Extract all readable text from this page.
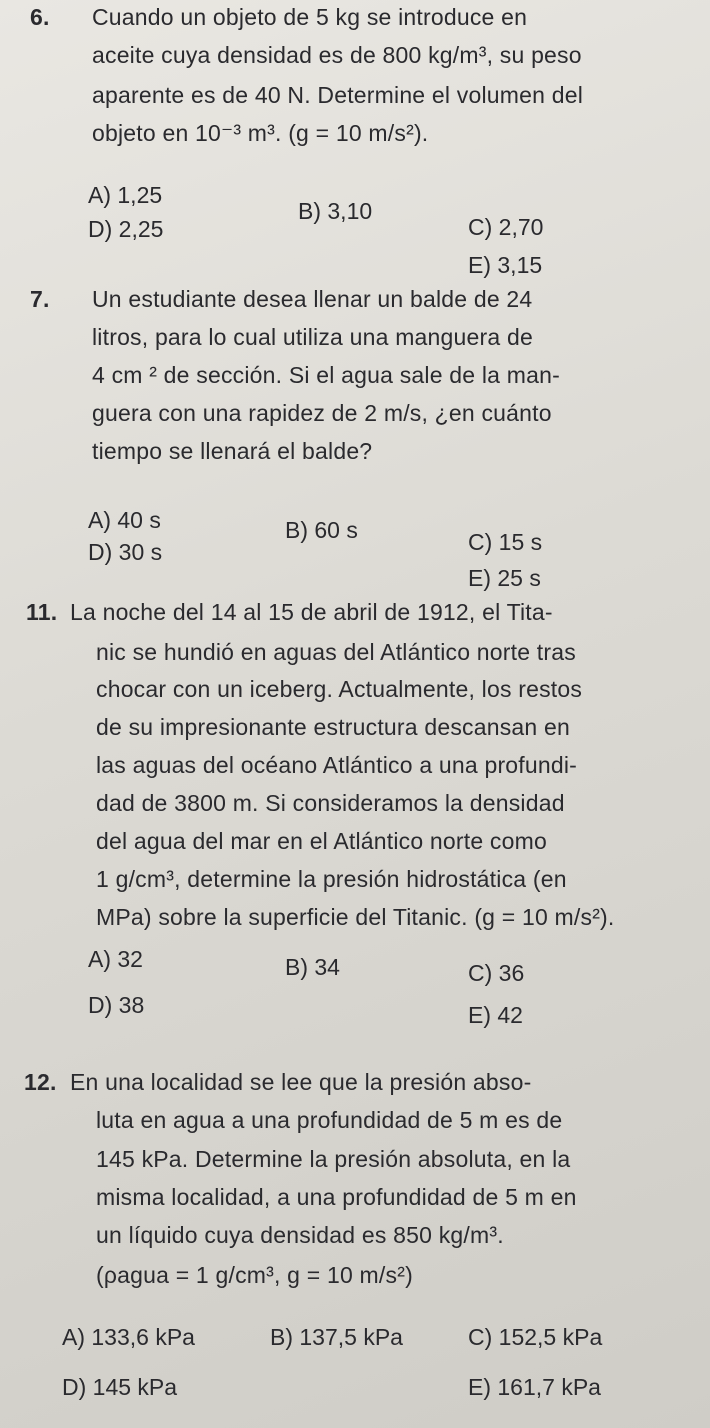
6. Cuando un objeto de 5 kg se introduce en
aceite cuya densidad es de 800 kg/m³, su peso
aparente es de 40 N. Determine el volumen del
objeto en 10⁻³ m³. (g = 10 m/s²).
A) 1,25
B) 3,10
D) 2,25	C) 2,70
E) 3,15
7. Un estudiante desea llenar un balde de 24
litros, para lo cual utiliza una manguera de
4 cm ² de sección. Si el agua sale de la man-
guera con una rapidez de 2 m/s, ¿en cuánto
tiempo se llenará el balde?
A) 40 s	B) 60 s
D) 30 s	C) 15 s
E) 25 s
11. La noche del 14 al 15 de abril de 1912, el Tita-
nic se hundió en aguas del Atlántico norte tras
chocar con un iceberg. Actualmente, los restos
de su impresionante estructura descansan en
las aguas del océano Atlántico a una profundi-
dad de 3800 m. Si consideramos la densidad
del agua del mar en el Atlántico norte como
1 g/cm³, determine la presión hidrostática (en
MPa) sobre la superficie del Titanic. (g = 10 m/s²).
A) 32	B) 34	C) 36
D) 38	E) 42
12. En una localidad se lee que la presión abso-
luta en agua a una profundidad de 5 m es de
145 kPa. Determine la presión absoluta, en la
misma localidad, a una profundidad de 5 m en
un líquido cuya densidad es 850 kg/m³.
(ρagua = 1 g/cm³, g = 10 m/s²)
A) 133,6 kPa	B) 137,5 kPa	C) 152,5 kPa
D) 145 kPa	E) 161,7 kPa
